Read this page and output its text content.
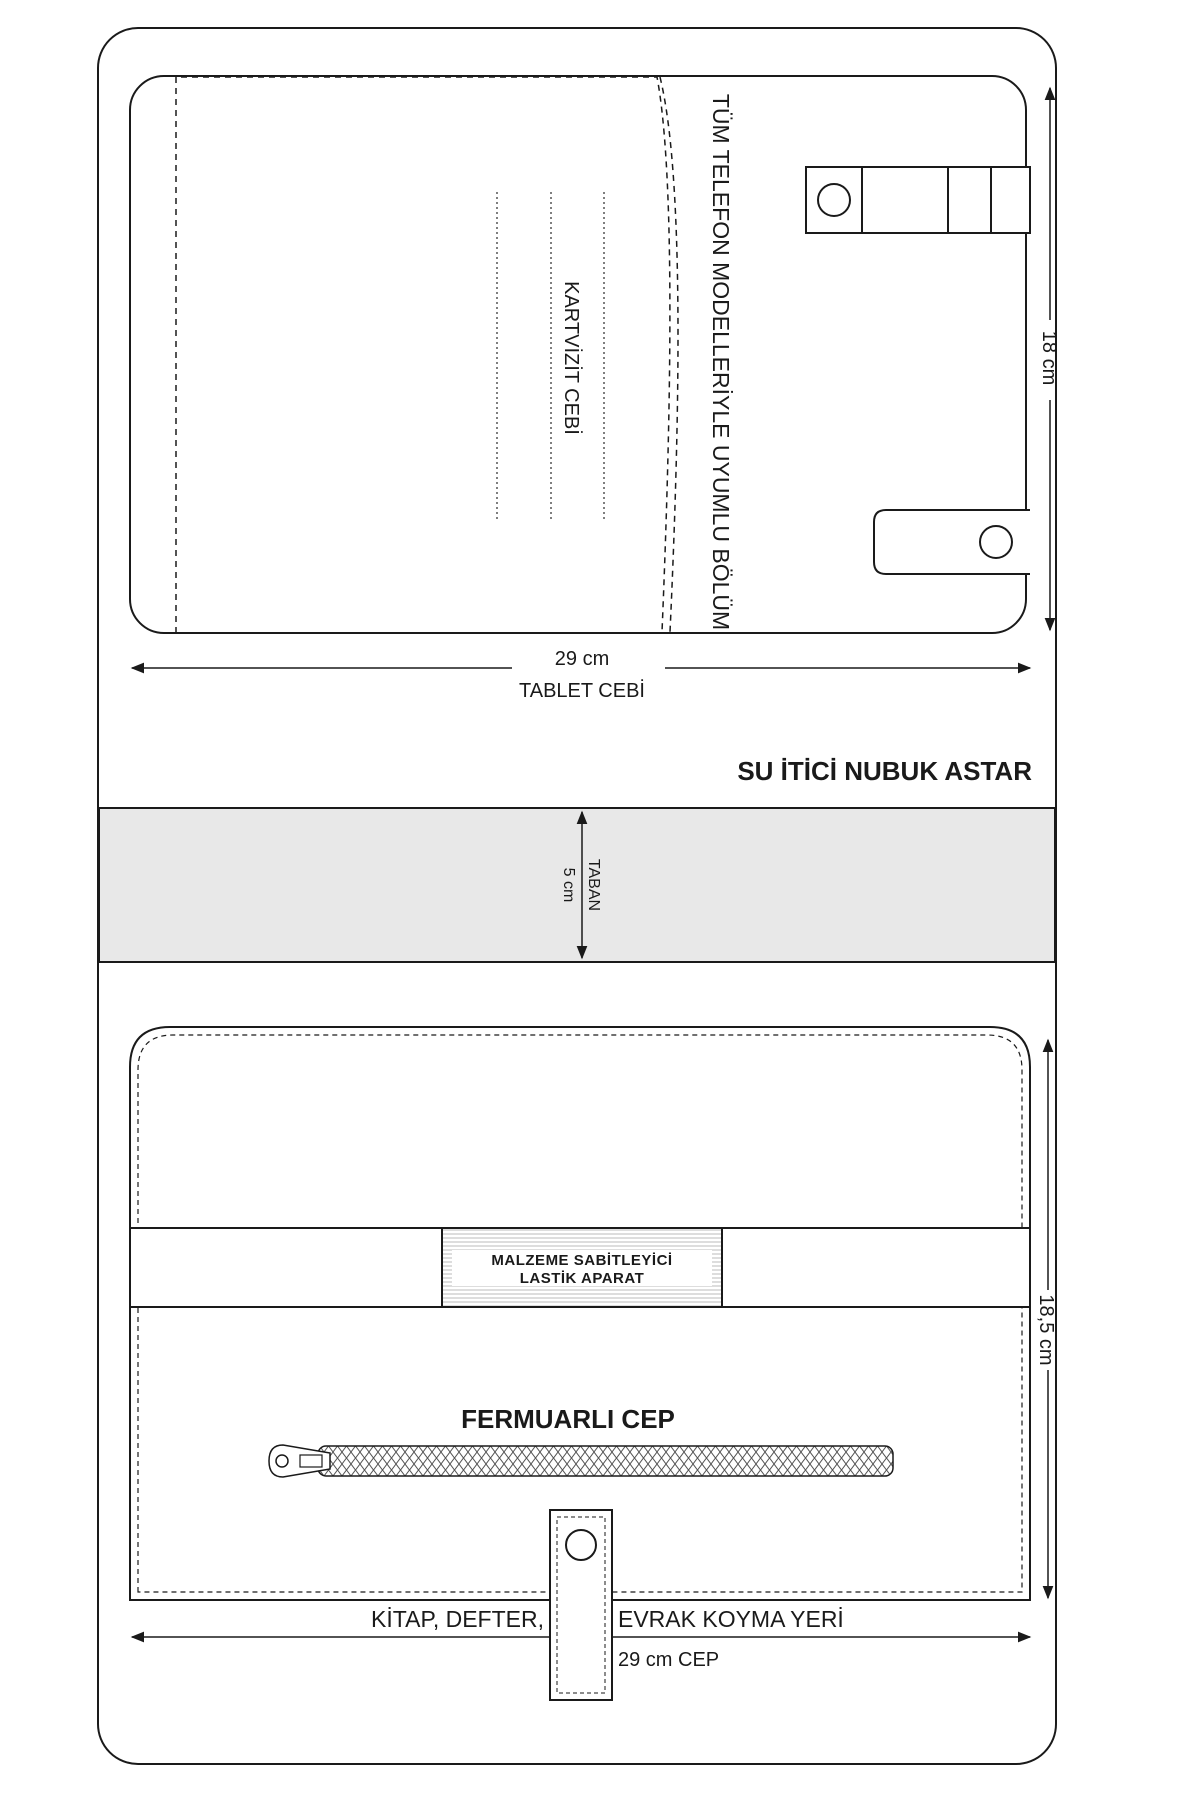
KARTVİZİT CEBİ	TÜM TELEFON MODELLERİYLE UYUMLU BÖLÜM	18 cm
29 cm
TABLET CEBİ
SU İTİCİ NUBUK ASTAR
TABAN
5 cm
MALZEME SABİTLEYİCİ
LASTİK APARAT
FERMUARLI CEP
18,5 cm
KİTAP, DEFTER,	EVRAK KOYMA YERİ
29 cm CEP
